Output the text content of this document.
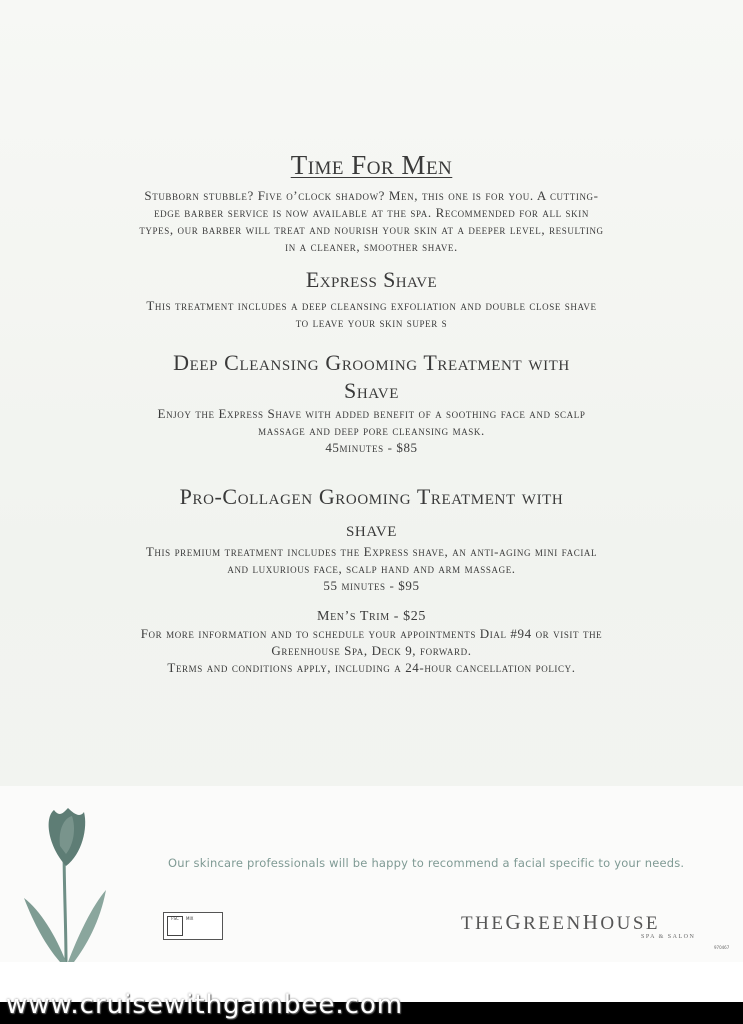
Time For Men

Stubborn stubble? Five o’clock shadow? Men, this one is for you. A cutting-

edge barber service is now available at the spa. Recommended for all skin

types, our barber will treat and nourish your skin at a deeper level, resulting

in a cleaner, smoother shave.

Express Shave

This treatment includes a deep cleansing exfoliation and double close shave

to leave your skin super s

Deep Cleansing Grooming Treatment with
Shave

Enjoy the Express Shave with added benefit of a soothing face and scalp

massage and deep pore cleansing mask.

45minutes - $85

Pro-Collagen Grooming Treatment with
shave

This premium treatment includes the Express shave, an anti-aging mini facial

and luxurious face, scalp hand and arm massage.

55 minutes - $95

Men’s Trim - $25

For more information and to schedule your appointments Dial #94 or visit the

Greenhouse Spa, Deck 9, forward.

Terms and conditions apply, including a 24-hour cancellation policy.

Our skincare professionals will be happy to recommend a facial specific to your needs.
FSC	MIX	THEGREENHOUSE
SPA & SALON
970467
www.cruisewithgambee.com
